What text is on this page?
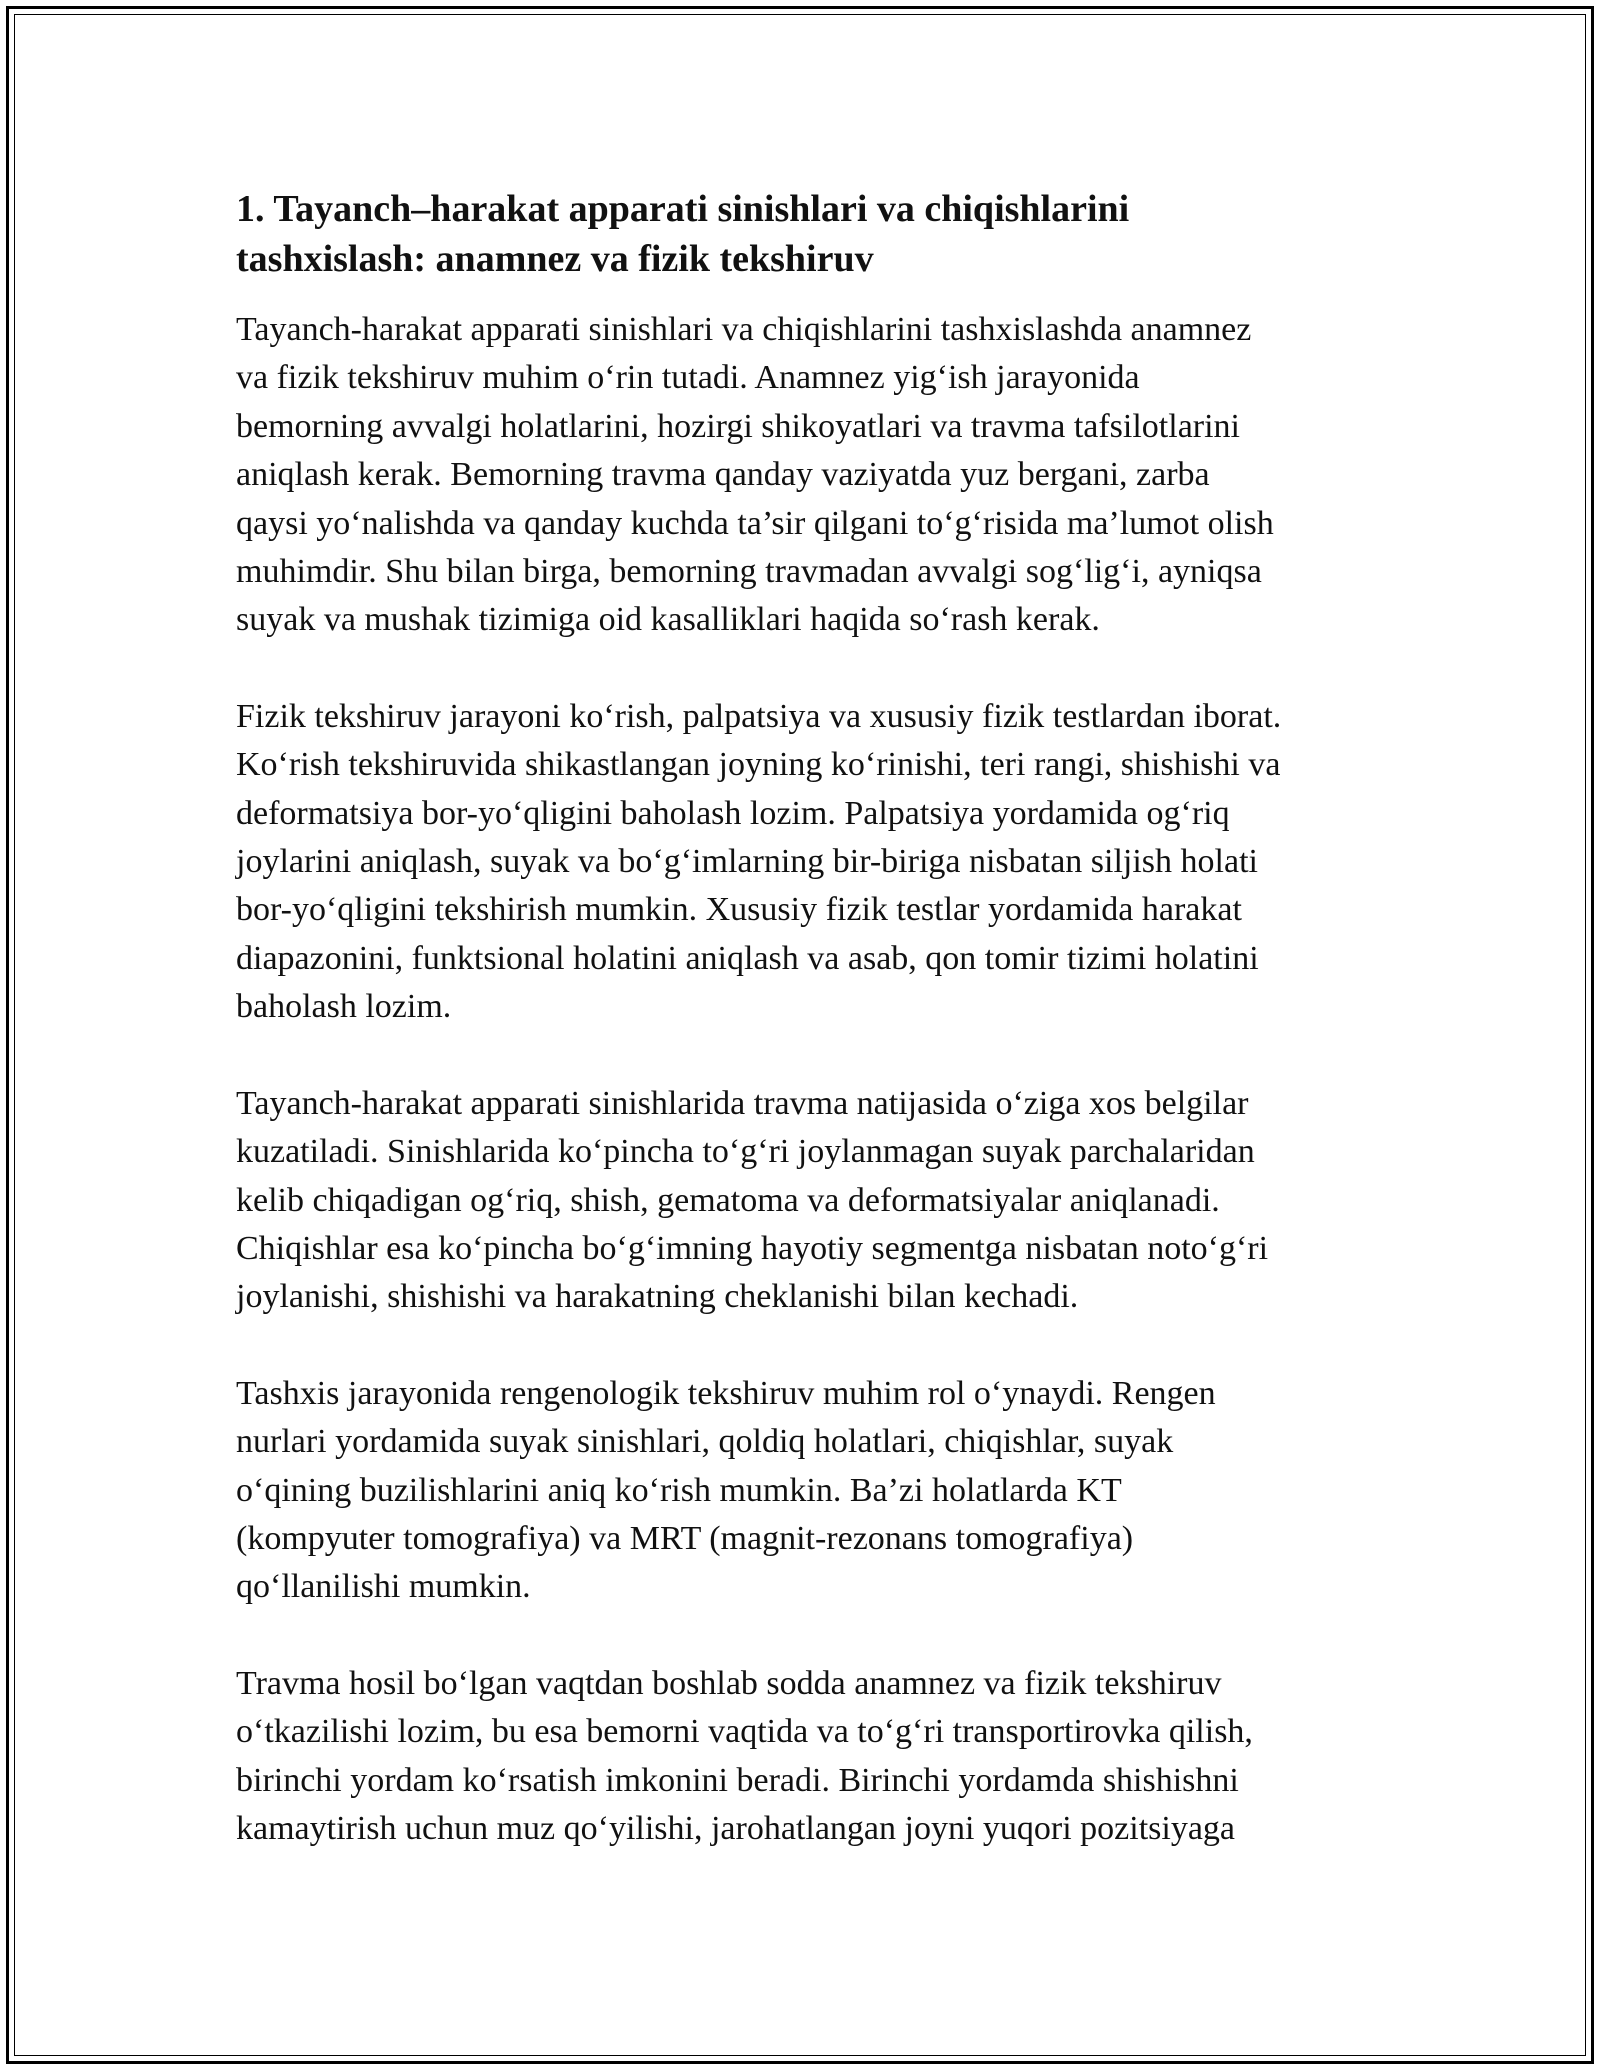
1. Tayanch–harakat apparati sinishlari va chiqishlarini
tashxislash: anamnez va fizik tekshiruv
Tayanch-harakat apparati sinishlari va chiqishlarini tashxislashda anamnez
va fizik tekshiruv muhim o‘rin tutadi. Anamnez yig‘ish jarayonida
bemorning avvalgi holatlarini, hozirgi shikoyatlari va travma tafsilotlarini
aniqlash kerak. Bemorning travma qanday vaziyatda yuz bergani, zarba
qaysi yo‘nalishda va qanday kuchda ta’sir qilgani to‘g‘risida ma’lumot olish
muhimdir. Shu bilan birga, bemorning travmadan avvalgi sog‘lig‘i, ayniqsa
suyak va mushak tizimiga oid kasalliklari haqida so‘rash kerak.
Fizik tekshiruv jarayoni ko‘rish, palpatsiya va xususiy fizik testlardan iborat.
Ko‘rish tekshiruvida shikastlangan joyning ko‘rinishi, teri rangi, shishishi va
deformatsiya bor-yo‘qligini baholash lozim. Palpatsiya yordamida og‘riq
joylarini aniqlash, suyak va bo‘g‘imlarning bir-biriga nisbatan siljish holati
bor-yo‘qligini tekshirish mumkin. Xususiy fizik testlar yordamida harakat
diapazonini, funktsional holatini aniqlash va asab, qon tomir tizimi holatini
baholash lozim.
Tayanch-harakat apparati sinishlarida travma natijasida o‘ziga xos belgilar
kuzatiladi. Sinishlarida ko‘pincha to‘g‘ri joylanmagan suyak parchalaridan
kelib chiqadigan og‘riq, shish, gematoma va deformatsiyalar aniqlanadi.
Chiqishlar esa ko‘pincha bo‘g‘imning hayotiy segmentga nisbatan noto‘g‘ri
joylanishi, shishishi va harakatning cheklanishi bilan kechadi.
Tashxis jarayonida rengenologik tekshiruv muhim rol o‘ynaydi. Rengen
nurlari yordamida suyak sinishlari, qoldiq holatlari, chiqishlar, suyak
o‘qining buzilishlarini aniq ko‘rish mumkin. Ba’zi holatlarda KT
(kompyuter tomografiya) va MRT (magnit-rezonans tomografiya)
qo‘llanilishi mumkin.
Travma hosil bo‘lgan vaqtdan boshlab sodda anamnez va fizik tekshiruv
o‘tkazilishi lozim, bu esa bemorni vaqtida va to‘g‘ri transportirovka qilish,
birinchi yordam ko‘rsatish imkonini beradi. Birinchi yordamda shishishni
kamaytirish uchun muz qo‘yilishi, jarohatlangan joyni yuqori pozitsiyaga
